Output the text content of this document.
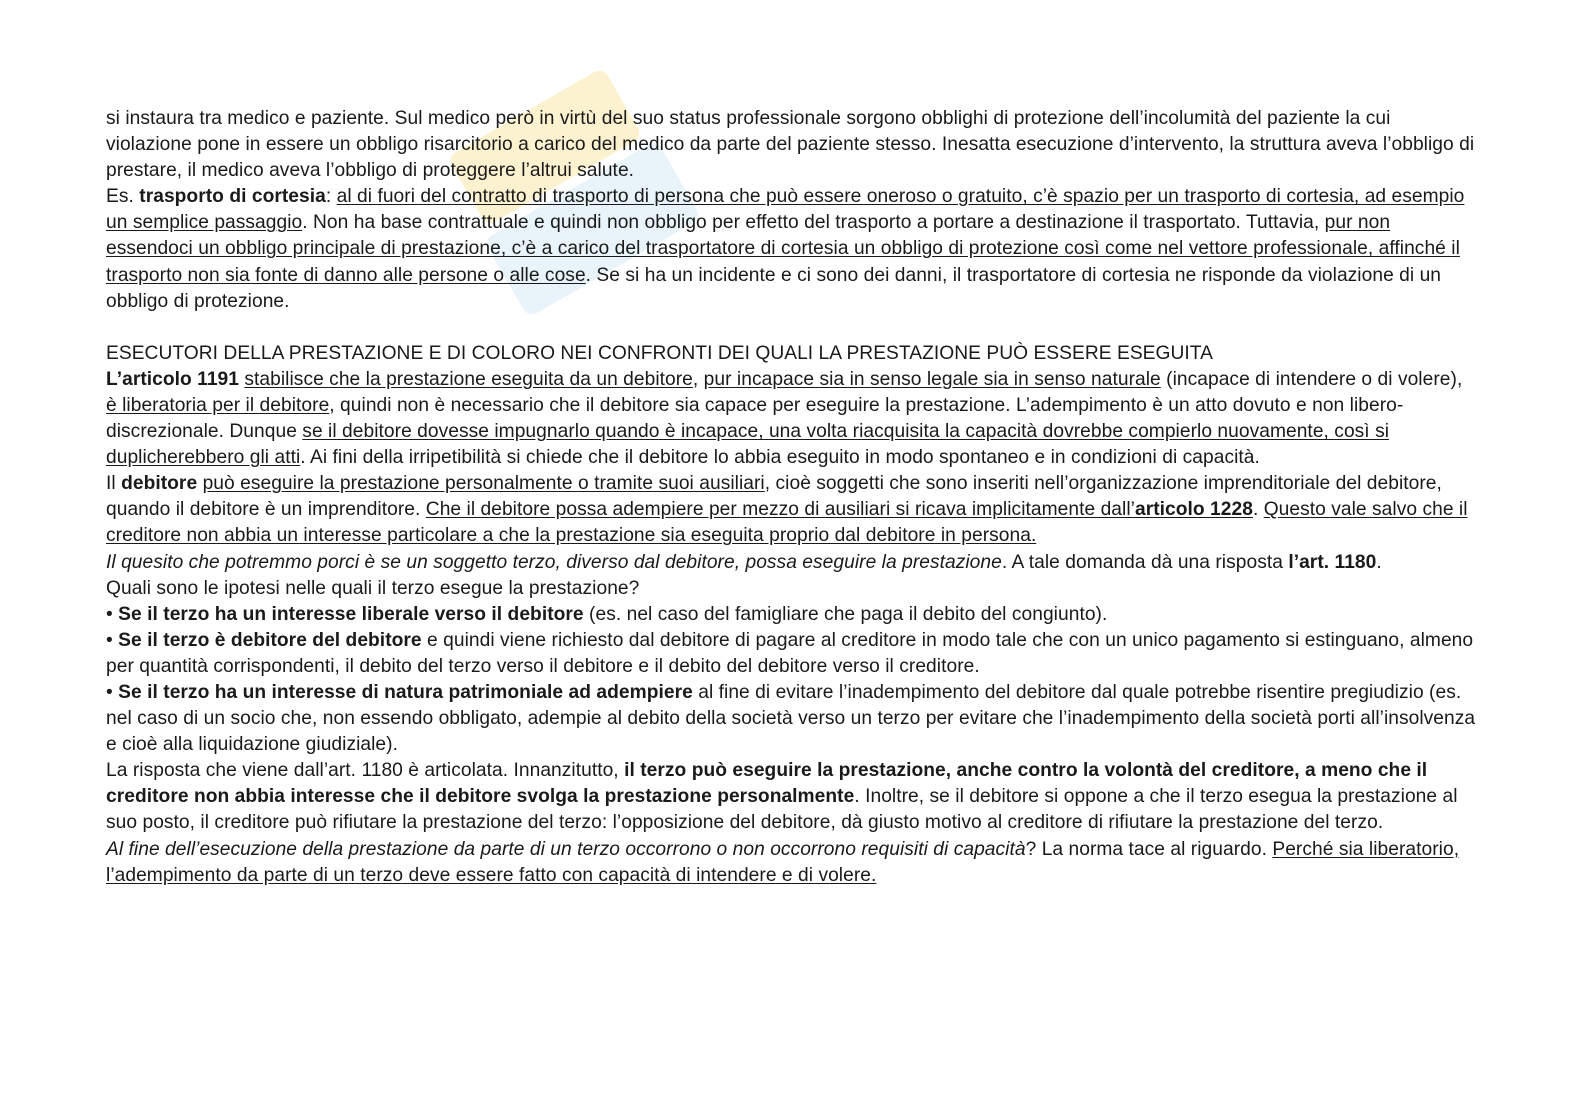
si instaura tra medico e paziente. Sul medico però in virtù del suo status professionale sorgono obblighi di protezione dell’incolumità del paziente la cui violazione pone in essere un obbligo risarcitorio a carico del medico da parte del paziente stesso. Inesatta esecuzione d’intervento, la struttura aveva l’obbligo di prestare, il medico aveva l’obbligo di proteggere l’altrui salute.

Es. trasporto di cortesia: al di fuori del contratto di trasporto di persona che può essere oneroso o gratuito, c’è spazio per un trasporto di cortesia, ad esempio un semplice passaggio. Non ha base contrattuale e quindi non obbligo per effetto del trasporto a portare a destinazione il trasportato. Tuttavia, pur non essendoci un obbligo principale di prestazione, c’è a carico del trasportatore di cortesia un obbligo di protezione così come nel vettore professionale, affinché il trasporto non sia fonte di danno alle persone o alle cose. Se si ha un incidente e ci sono dei danni, il trasportatore di cortesia ne risponde da violazione di un obbligo di protezione.

ESECUTORI DELLA PRESTAZIONE E DI COLORO NEI CONFRONTI DEI QUALI LA PRESTAZIONE PUÒ ESSERE ESEGUITA

L’articolo 1191 stabilisce che la prestazione eseguita da un debitore, pur incapace sia in senso legale sia in senso naturale (incapace di intendere o di volere), è liberatoria per il debitore, quindi non è necessario che il debitore sia capace per eseguire la prestazione. L’adempimento è un atto dovuto e non libero-discrezionale. Dunque se il debitore dovesse impugnarlo quando è incapace, una volta riacquisita la capacità dovrebbe compierlo nuovamente, così si duplicherebbero gli atti. Ai fini della irripetibilità si chiede che il debitore lo abbia eseguito in modo spontaneo e in condizioni di capacità.

Il debitore può eseguire la prestazione personalmente o tramite suoi ausiliari, cioè soggetti che sono inseriti nell’organizzazione imprenditoriale del debitore, quando il debitore è un imprenditore. Che il debitore possa adempiere per mezzo di ausiliari si ricava implicitamente dall’articolo 1228. Questo vale salvo che il creditore non abbia un interesse particolare a che la prestazione sia eseguita proprio dal debitore in persona.

Il quesito che potremmo porci è se un soggetto terzo, diverso dal debitore, possa eseguire la prestazione. A tale domanda dà una risposta l’art. 1180.

Quali sono le ipotesi nelle quali il terzo esegue la prestazione?

• Se il terzo ha un interesse liberale verso il debitore (es. nel caso del famigliare che paga il debito del congiunto).

• Se il terzo è debitore del debitore e quindi viene richiesto dal debitore di pagare al creditore in modo tale che con un unico pagamento si estinguano, almeno per quantità corrispondenti, il debito del terzo verso il debitore e il debito del debitore verso il creditore.

• Se il terzo ha un interesse di natura patrimoniale ad adempiere al fine di evitare l’inadempimento del debitore dal quale potrebbe risentire pregiudizio (es. nel caso di un socio che, non essendo obbligato, adempie al debito della società verso un terzo per evitare che l’inadempimento della società porti all’insolvenza e cioè alla liquidazione giudiziale).

La risposta che viene dall’art. 1180 è articolata. Innanzitutto, il terzo può eseguire la prestazione, anche contro la volontà del creditore, a meno che il creditore non abbia interesse che il debitore svolga la prestazione personalmente. Inoltre, se il debitore si oppone a che il terzo esegua la prestazione al suo posto, il creditore può rifiutare la prestazione del terzo: l’opposizione del debitore, dà giusto motivo al creditore di rifiutare la prestazione del terzo.

Al fine dell’esecuzione della prestazione da parte di un terzo occorrono o non occorrono requisiti di capacità? La norma tace al riguardo. Perché sia liberatorio, l’adempimento da parte di un terzo deve essere fatto con capacità di intendere e di volere.
